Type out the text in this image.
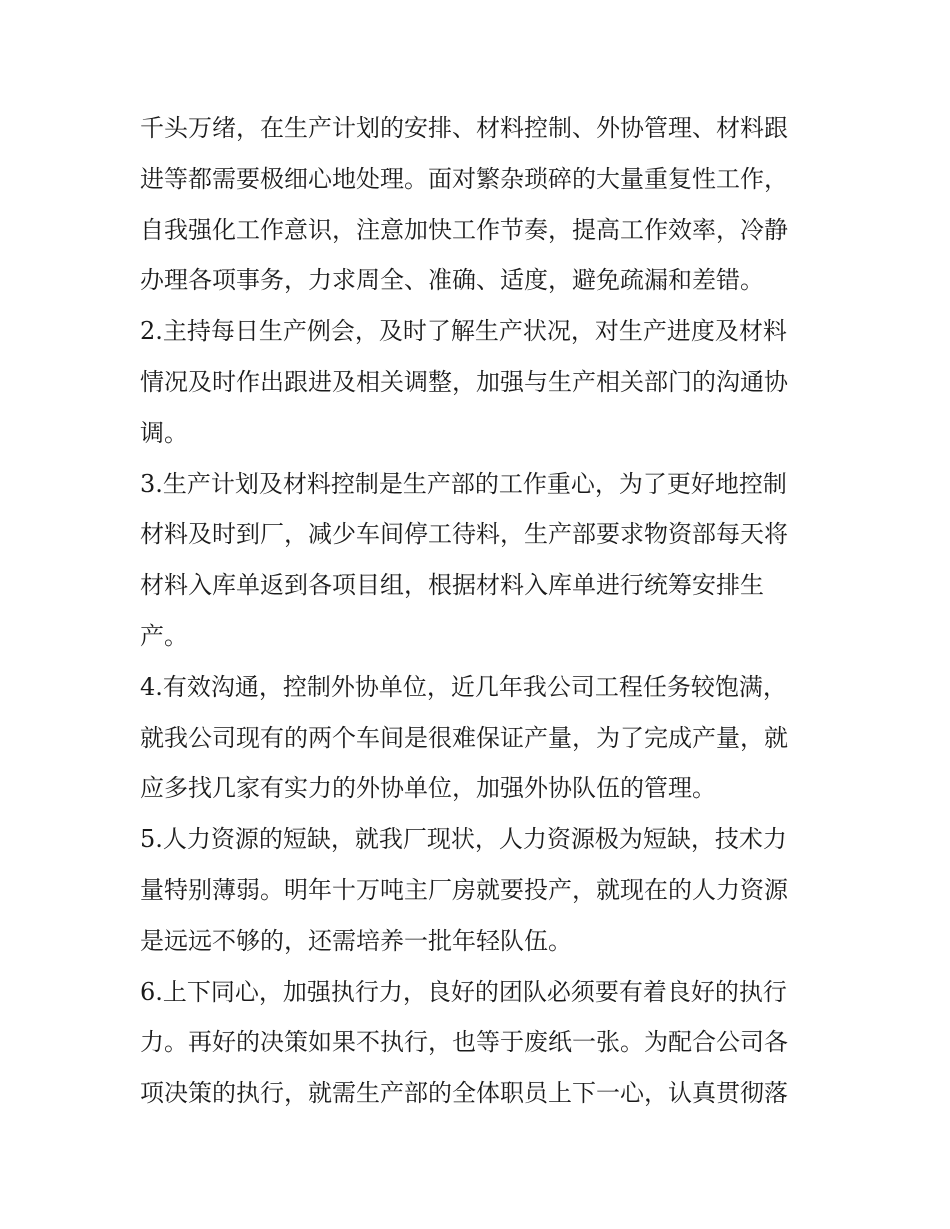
千头万绪，在生产计划的安排、材料控制、外协管理、材料跟
进等都需要极细心地处理。面对繁杂琐碎的大量重复性工作，
自我强化工作意识，注意加快工作节奏，提高工作效率，冷静
办理各项事务，力求周全、准确、适度，避免疏漏和差错。
2.主持每日生产例会，及时了解生产状况，对生产进度及材料
情况及时作出跟进及相关调整，加强与生产相关部门的沟通协
调。
3.生产计划及材料控制是生产部的工作重心，为了更好地控制
材料及时到厂，减少车间停工待料，生产部要求物资部每天将
材料入库单返到各项目组，根据材料入库单进行统筹安排生
产。
4.有效沟通，控制外协单位，近几年我公司工程任务较饱满，
就我公司现有的两个车间是很难保证产量，为了完成产量，就
应多找几家有实力的外协单位，加强外协队伍的管理。
5.人力资源的短缺，就我厂现状，人力资源极为短缺，技术力
量特别薄弱。明年十万吨主厂房就要投产，就现在的人力资源
是远远不够的，还需培养一批年轻队伍。
6.上下同心，加强执行力，良好的团队必须要有着良好的执行
力。再好的决策如果不执行，也等于废纸一张。为配合公司各
项决策的执行，就需生产部的全体职员上下一心，认真贯彻落
